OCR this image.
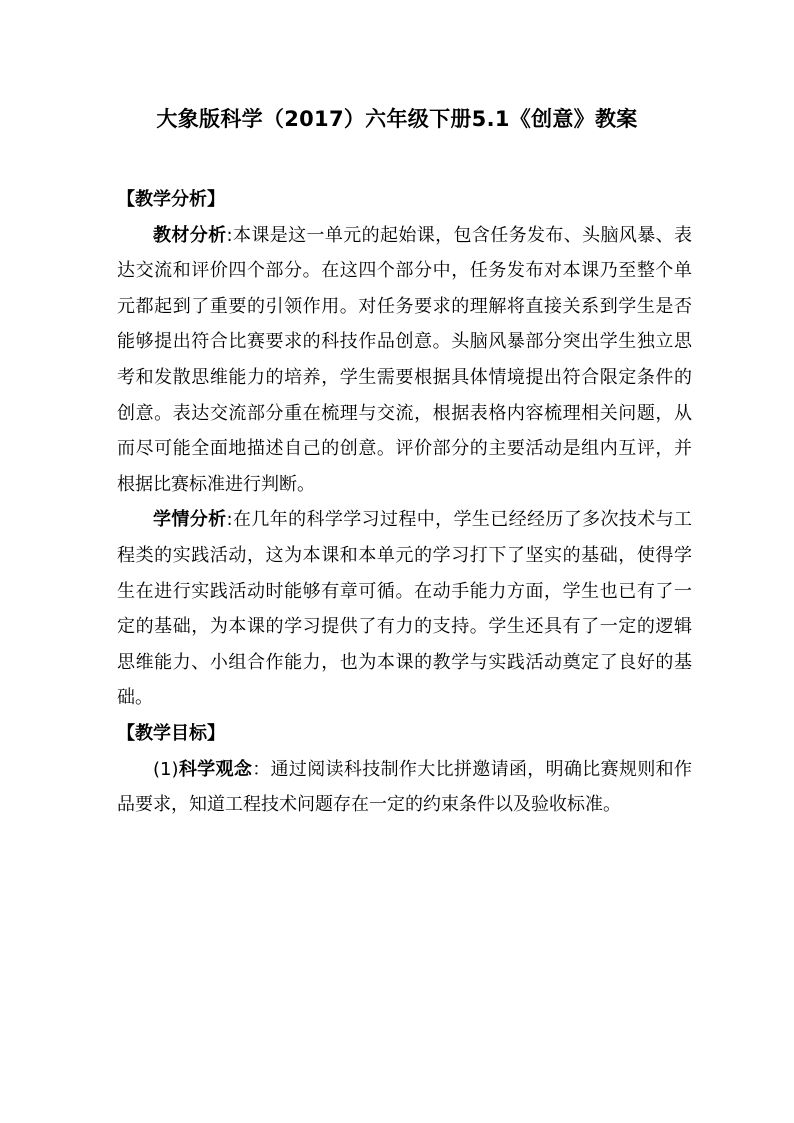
大象版科学（2017）六年级下册5.1《创意》教案
【教学分析】

教材分析:本课是这一单元的起始课，包含任务发布、头脑风暴、表达交流和评价四个部分。在这四个部分中，任务发布对本课乃至整个单元都起到了重要的引领作用。对任务要求的理解将直接关系到学生是否能够提出符合比赛要求的科技作品创意。头脑风暴部分突出学生独立思考和发散思维能力的培养，学生需要根据具体情境提出符合限定条件的创意。表达交流部分重在梳理与交流，根据表格内容梳理相关问题，从而尽可能全面地描述自己的创意。评价部分的主要活动是组内互评，并根据比赛标准进行判断。

学情分析:在几年的科学学习过程中，学生已经经历了多次技术与工程类的实践活动，这为本课和本单元的学习打下了坚实的基础，使得学生在进行实践活动时能够有章可循。在动手能力方面，学生也已有了一定的基础，为本课的学习提供了有力的支持。学生还具有了一定的逻辑思维能力、小组合作能力，也为本课的教学与实践活动奠定了良好的基础。

【教学目标】

(1)科学观念：通过阅读科技制作大比拼邀请函，明确比赛规则和作品要求，知道工程技术问题存在一定的约束条件以及验收标准。
